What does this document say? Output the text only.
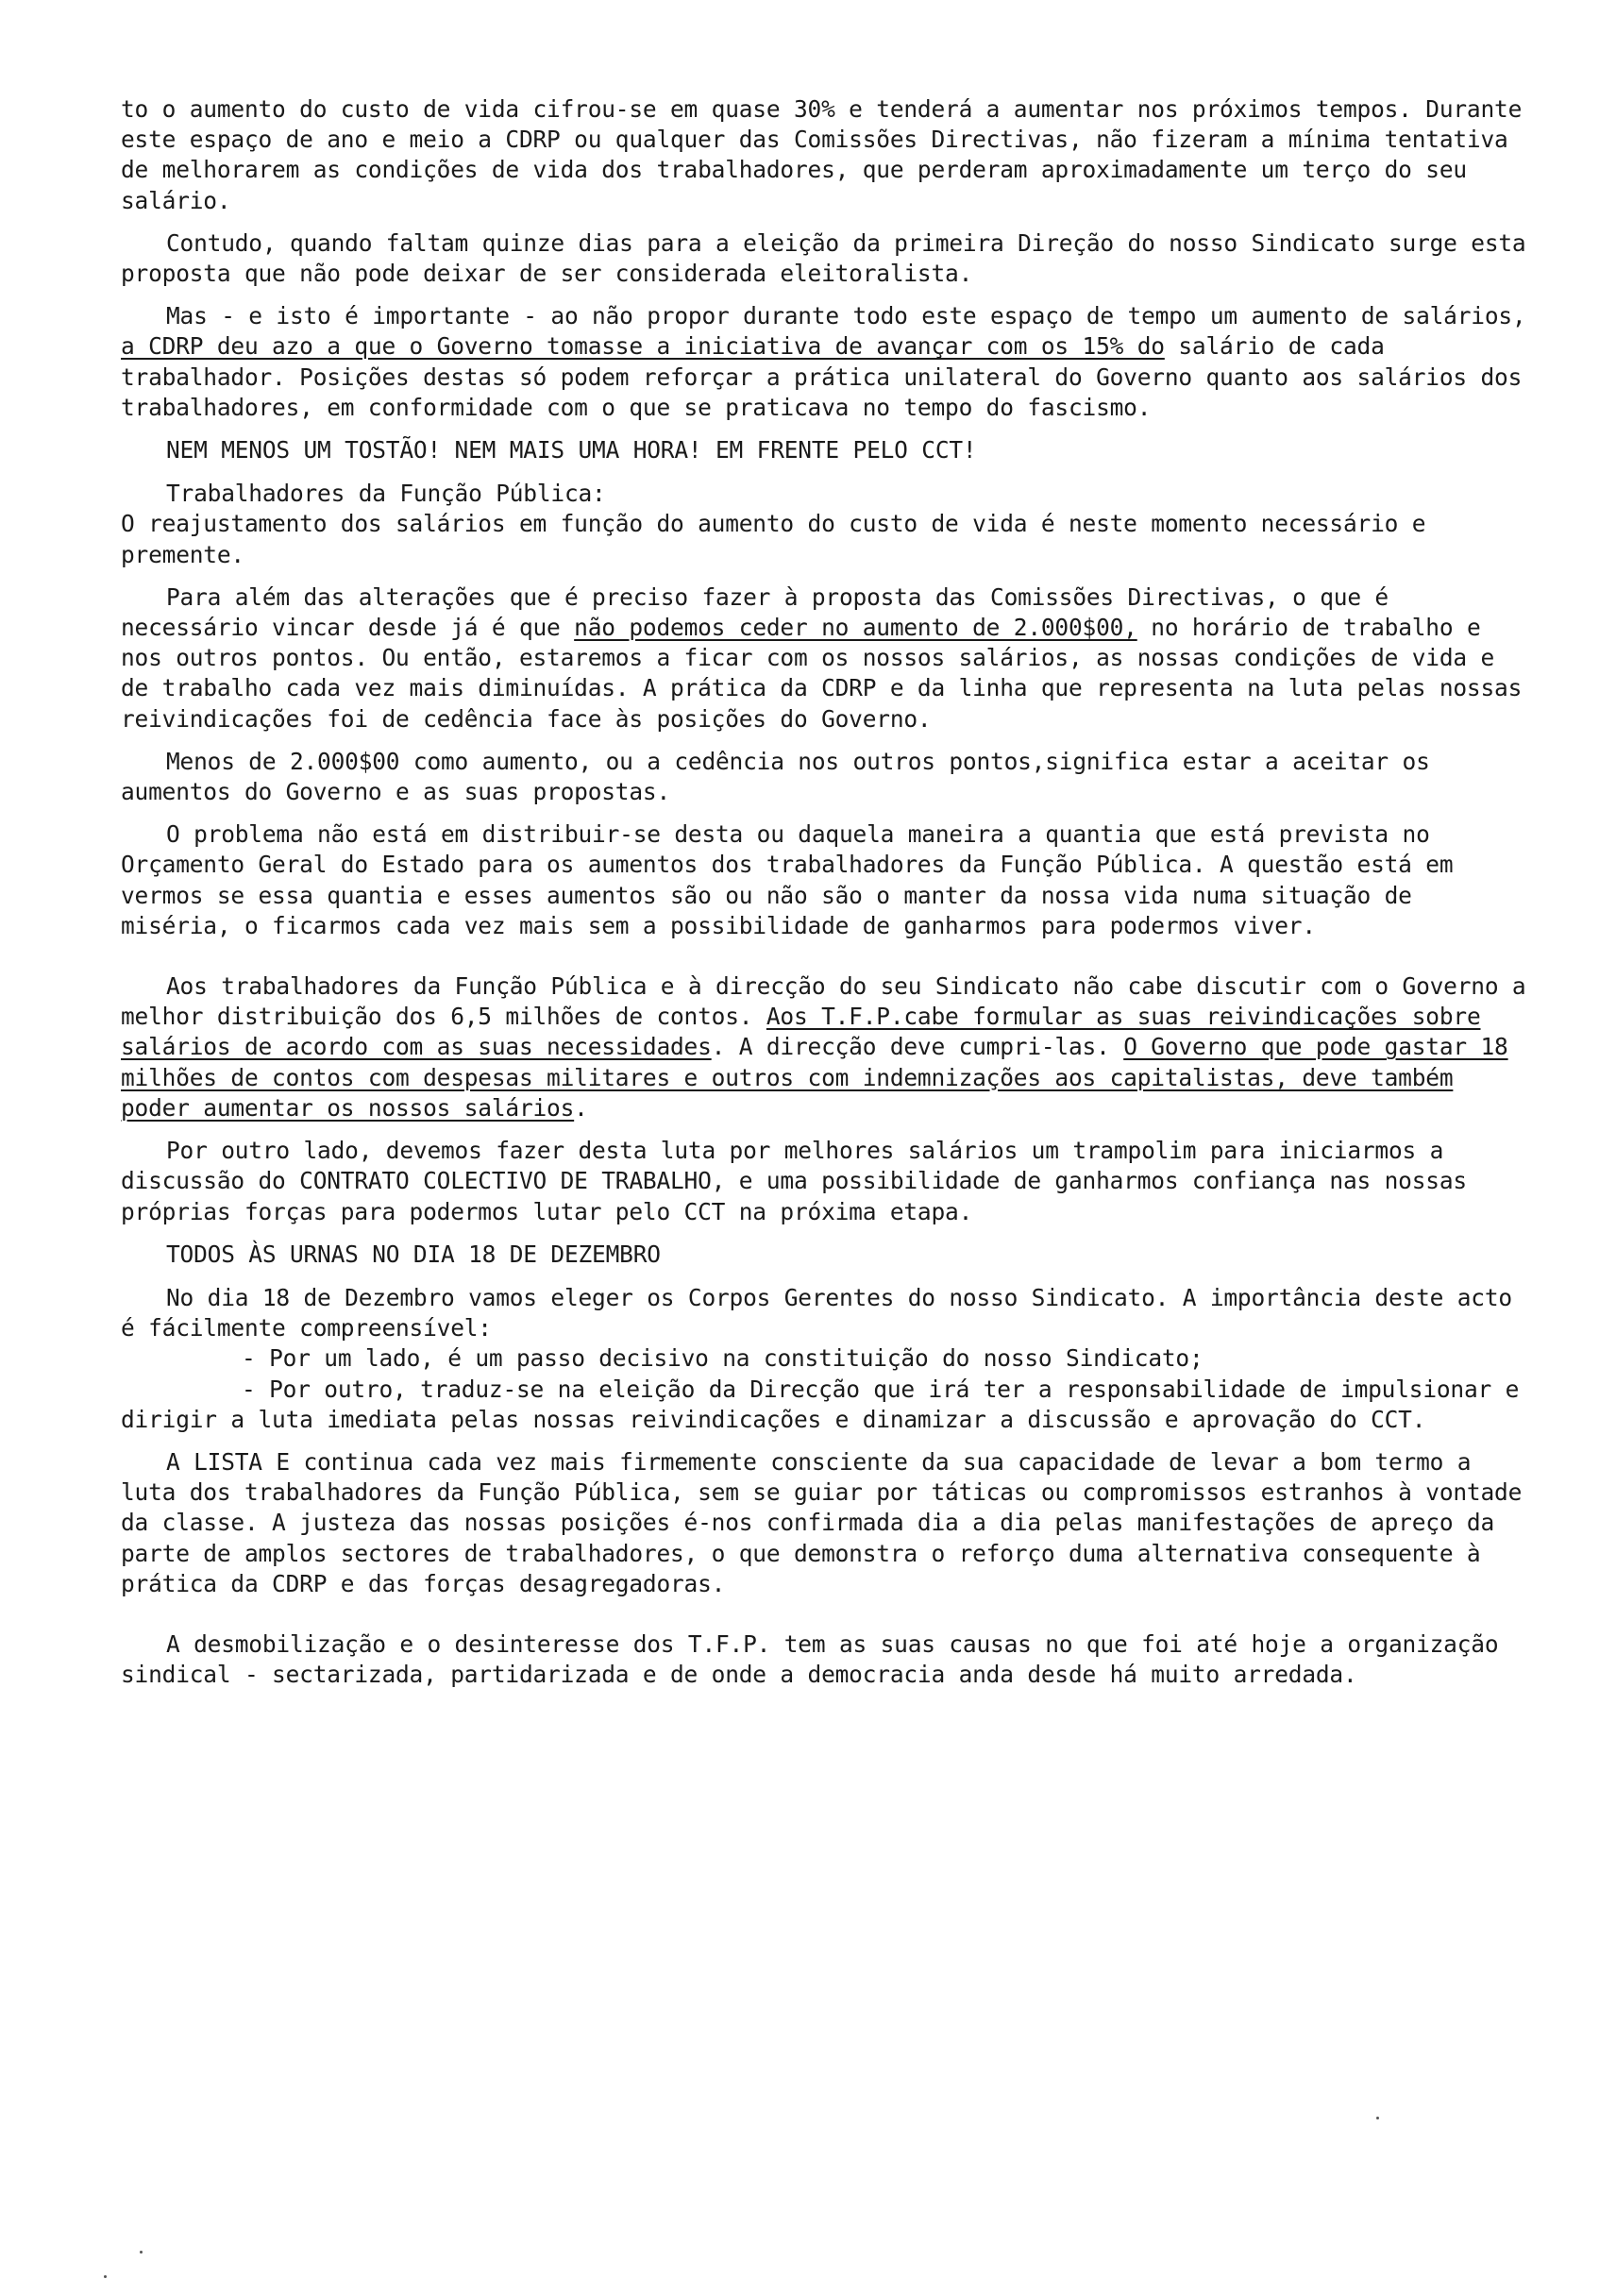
to o aumento do custo de vida cifrou-se em quase 30% e tenderá a aumentar nos próximos tempos. Durante este espaço de ano e meio a CDRP ou qualquer das Comissões Directivas, não fizeram a mínima tentativa de melhorarem as condições de vida dos trabalhadores, que perderam aproximadamente um terço do seu salário.

Contudo, quando faltam quinze dias para a eleição da primeira Direção do nosso Sindicato surge esta proposta que não pode deixar de ser considerada eleitoralista.

Mas - e isto é importante - ao não propor durante todo este espaço de tempo um aumento de salários, a CDRP deu azo a que o Governo tomasse a iniciativa de avançar com os 15% do salário de cada trabalhador. Posições destas só podem reforçar a prática unilateral do Governo quanto aos salários dos trabalhadores, em conformidade com o que se praticava no tempo do fascismo.

NEM MENOS UM TOSTÃO! NEM MAIS UMA HORA! EM FRENTE PELO CCT!

Trabalhadores da Função Pública:

O reajustamento dos salários em função do aumento do custo de vida é neste momento necessário e premente.

Para além das alterações que é preciso fazer à proposta das Comissões Directivas, o que é necessário vincar desde já é que não podemos ceder no aumento de 2.000$00, no horário de trabalho e nos outros pontos. Ou então, estaremos a ficar com os nossos salários, as nossas condições de vida e de trabalho cada vez mais diminuídas. A prática da CDRP e da linha que representa na luta pelas nossas reivindicações foi de cedência face às posições do Governo.

Menos de 2.000$00 como aumento, ou a cedência nos outros pontos,significa estar a aceitar os aumentos do Governo e as suas propostas.

O problema não está em distribuir-se desta ou daquela maneira a quantia que está prevista no Orçamento Geral do Estado para os aumentos dos trabalhadores da Função Pública. A questão está em vermos se essa quantia e esses aumentos são ou não são o manter da nossa vida numa situação de miséria, o ficarmos cada vez mais sem a possibilidade de ganharmos para podermos viver.

Aos trabalhadores da Função Pública e à direcção do seu Sindicato não cabe discutir com o Governo a melhor distribuição dos 6,5 milhões de contos. Aos T.F.P.cabe formular as suas reivindicações sobre salários de acordo com as suas necessidades. A direcção deve cumpri-las. O Governo que pode gastar 18 milhões de contos com despesas militares e outros com indemnizações aos capitalistas, deve também poder aumentar os nossos salários.

Por outro lado, devemos fazer desta luta por melhores salários um trampolim para iniciarmos a discussão do CONTRATO COLECTIVO DE TRABALHO, e uma possibilidade de ganharmos confiança nas nossas próprias forças para podermos lutar pelo CCT na próxima etapa.

TODOS ÀS URNAS NO DIA 18 DE DEZEMBRO

No dia 18 de Dezembro vamos eleger os Corpos Gerentes do nosso Sindicato. A importância deste acto é fácilmente compreensível:

- Por um lado, é um passo decisivo na constituição do nosso Sindicato;

- Por outro, traduz-se na eleição da Direcção que irá ter a responsabilidade de impulsionar e dirigir a luta imediata pelas nossas reivindicações e dinamizar a discussão e aprovação do CCT.

A LISTA E continua cada vez mais firmemente consciente da sua capacidade de levar a bom termo a luta dos trabalhadores da Função Pública, sem se guiar por táticas ou compromissos estranhos à vontade da classe. A justeza das nossas posições é-nos confirmada dia a dia pelas manifestações de apreço da parte de amplos sectores de trabalhadores, o que demonstra o reforço duma alternativa consequente à prática da CDRP e das forças desagregadoras.

A desmobilização e o desinteresse dos T.F.P. tem as suas causas no que foi até hoje a organização sindical - sectarizada, partidarizada e de onde a democracia anda desde há muito arredada.
